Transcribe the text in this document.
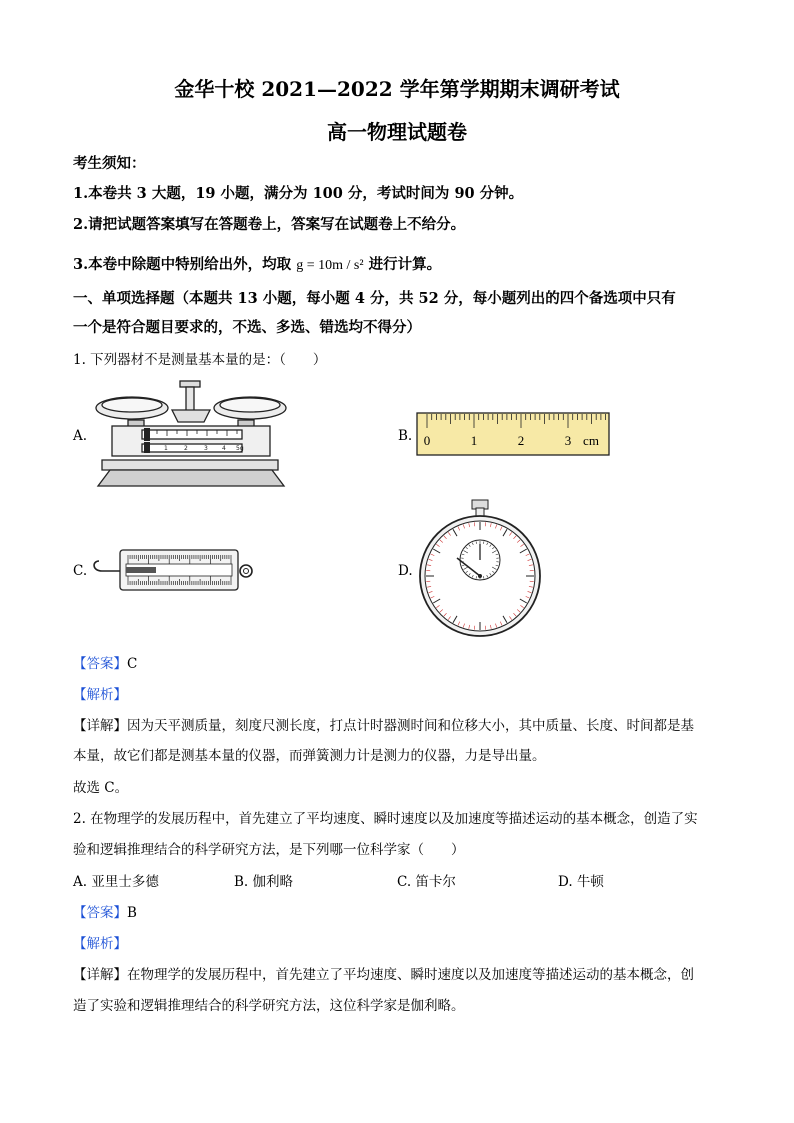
金华十校 2021—2022 学年第学期期末调研考试
高一物理试题卷
考生须知：
1.本卷共 3 大题，19 小题，满分为 100 分，考试时间为 90 分钟。
2.请把试题答案填写在答题卷上，答案写在试题卷上不给分。
3.本卷中除题中特别给出外，均取 g = 10m / s² 进行计算。
一、单项选择题（本题共 13 小题，每小题 4 分，共 52 分，每小题列出的四个备选项中只有
一个是符合题目要求的，不选、多选、错选均不得分）
1. 下列器材不是测量基本量的是：（　　）
A.
0	1	2	3 4 5g
B. 0	1	2	3 cm
C.	D.
【答案】C
【解析】
【详解】因为天平测质量，刻度尺测长度，打点计时器测时间和位移大小，其中质量、长度、时间都是基
本量，故它们都是测基本量的仪器，而弹簧测力计是测力的仪器，力是导出量。
故选 C。
2. 在物理学的发展历程中，首先建立了平均速度、瞬时速度以及加速度等描述运动的基本概念，创造了实
验和逻辑推理结合的科学研究方法，是下列哪一位科学家（　　）
A. 亚里士多德	B. 伽利略	C. 笛卡尔	D. 牛顿
【答案】B
【解析】
【详解】在物理学的发展历程中，首先建立了平均速度、瞬时速度以及加速度等描述运动的基本概念，创
造了实验和逻辑推理结合的科学研究方法，这位科学家是伽利略。
